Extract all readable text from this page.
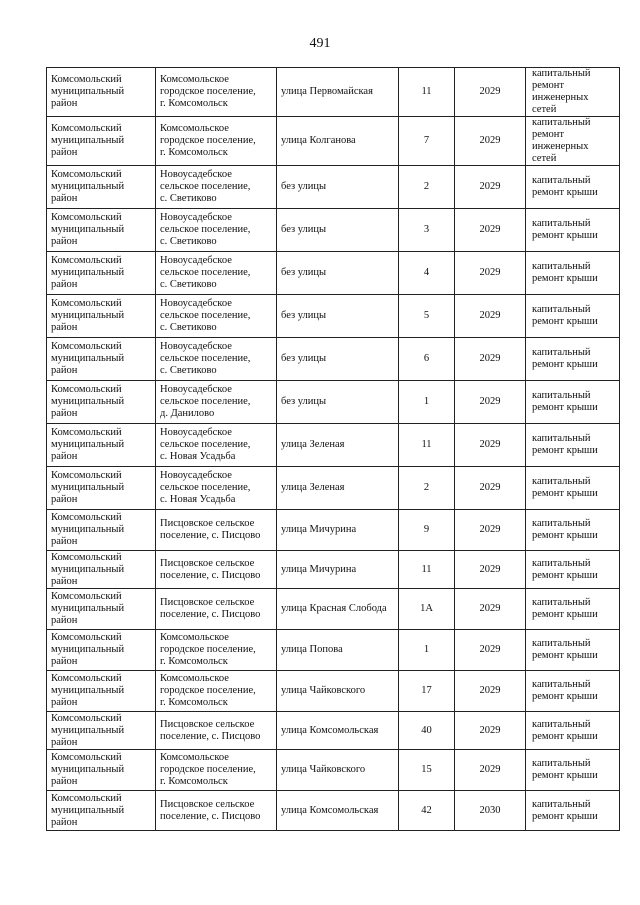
491
Комсомольский
муниципальный
район	Комсомольское
городское поселение,
г. Комсомольск	улица Первомайская	11	2029	капитальный
ремонт
инженерных
сетей

Комсомольский
муниципальный
район	Комсомольское
городское поселение,
г. Комсомольск	улица Колганова	7	2029	капитальный
ремонт
инженерных
сетей

Комсомольский
муниципальный
район	Новоусадебское
сельское поселение,
с. Светиково	без улицы	2	2029	капитальный
ремонт крыши

Комсомольский
муниципальный
район	Новоусадебское
сельское поселение,
с. Светиково	без улицы	3	2029	капитальный
ремонт крыши

Комсомольский
муниципальный
район	Новоусадебское
сельское поселение,
с. Светиково	без улицы	4	2029	капитальный
ремонт крыши

Комсомольский
муниципальный
район	Новоусадебское
сельское поселение,
с. Светиково	без улицы	5	2029	капитальный
ремонт крыши

Комсомольский
муниципальный
район	Новоусадебское
сельское поселение,
с. Светиково	без улицы	6	2029	капитальный
ремонт крыши

Комсомольский
муниципальный
район	Новоусадебское
сельское поселение,
д. Данилово	без улицы	1	2029	капитальный
ремонт крыши

Комсомольский
муниципальный
район	Новоусадебское
сельское поселение,
с. Новая Усадьба	улица Зеленая	11	2029	капитальный
ремонт крыши

Комсомольский
муниципальный
район	Новоусадебское
сельское поселение,
с. Новая Усадьба	улица Зеленая	2	2029	капитальный
ремонт крыши

Комсомольский
муниципальный
район	Писцовское сельское
поселение, с. Писцово	улица Мичурина	9	2029	капитальный
ремонт крыши

Комсомольский
муниципальный
район	Писцовское сельское
поселение, с. Писцово	улица Мичурина	11	2029	капитальный
ремонт крыши

Комсомольский
муниципальный
район	Писцовское сельское
поселение, с. Писцово	улица Красная Слобода	1А	2029	капитальный
ремонт крыши

Комсомольский
муниципальный
район	Комсомольское
городское поселение,
г. Комсомольск	улица Попова	1	2029	капитальный
ремонт крыши

Комсомольский
муниципальный
район	Комсомольское
городское поселение,
г. Комсомольск	улица Чайковского	17	2029	капитальный
ремонт крыши

Комсомольский
муниципальный
район	Писцовское сельское
поселение, с. Писцово	улица Комсомольская	40	2029	капитальный
ремонт крыши

Комсомольский
муниципальный
район	Комсомольское
городское поселение,
г. Комсомольск	улица Чайковского	15	2029	капитальный
ремонт крыши

Комсомольский
муниципальный
район	Писцовское сельское
поселение, с. Писцово	улица Комсомольская	42	2030	капитальный
ремонт крыши
